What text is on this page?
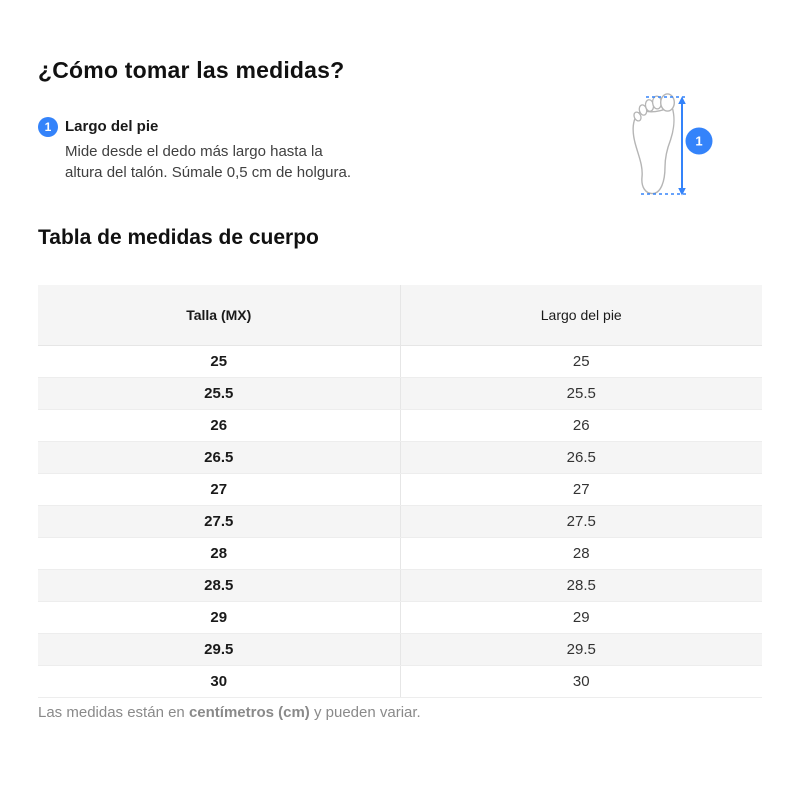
¿Cómo tomar las medidas?
1 Largo del pie
Mide desde el dedo más largo hasta la altura del talón. Súmale 0,5 cm de holgura.
1
Tabla de medidas de cuerpo
Talla (MX)	Largo del pie
25	25
25.5	25.5
26	26
26.5	26.5
27	27
27.5	27.5
28	28
28.5	28.5
29	29
29.5	29.5
30	30
Las medidas están en centímetros (cm) y pueden variar.
